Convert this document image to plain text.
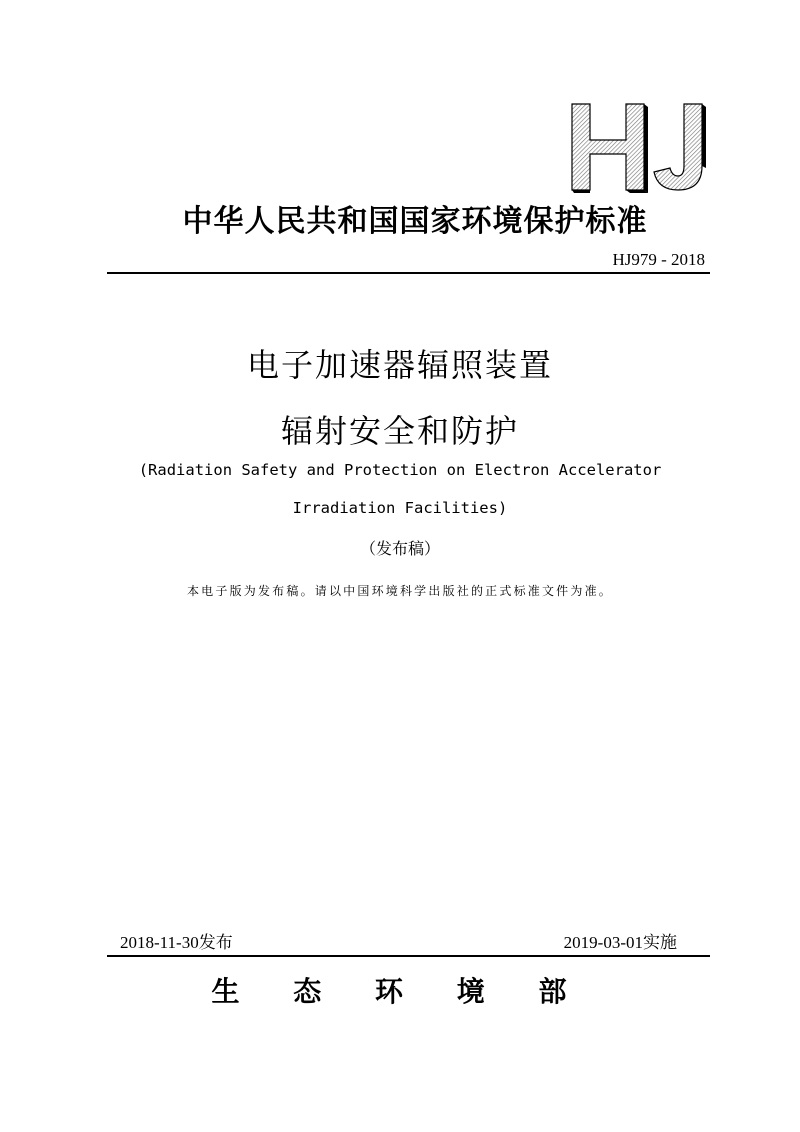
HJ
中华人民共和国国家环境保护标准
HJ979 - 2018
电子加速器辐照装置
辐射安全和防护
(Radiation Safety and Protection on Electron Accelerator
Irradiation Facilities)
（发布稿）
本电子版为发布稿。请以中国环境科学出版社的正式标准文件为准。
2018-11-30发布	2019-03-01实施
生 态 环 境 部
